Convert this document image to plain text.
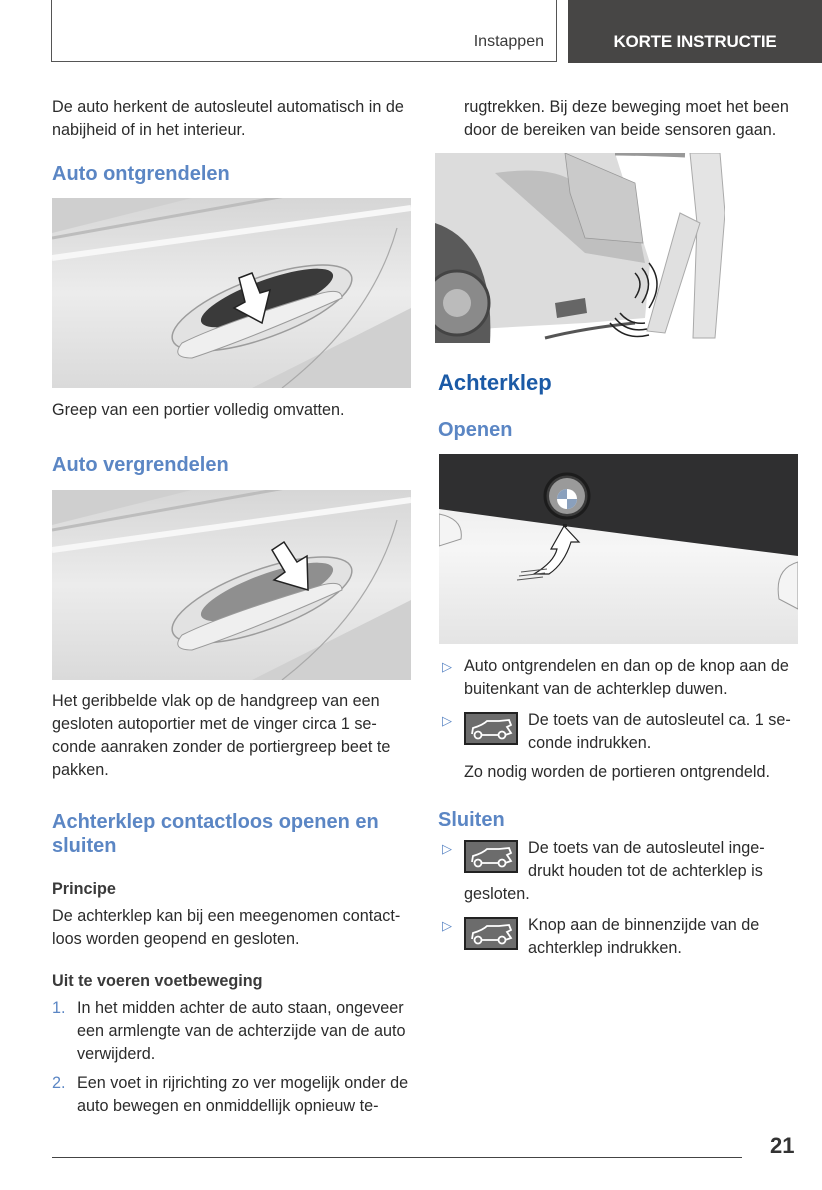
Instappen	KORTE INSTRUCTIE

De auto herkent de autosleutel automatisch in de nabijheid of in het interieur.

Auto ontgrendelen

Greep van een portier volledig omvatten.

Auto vergrendelen

Het geribbelde vlak op de handgreep van een gesloten autoportier met de vinger circa 1 se-conde aanraken zonder de portiergreep beet te pakken.

Achterklep contactloos openen en sluiten
Principe

De achterklep kan bij een meegenomen contact-loos worden geopend en gesloten.

Uit te voeren voetbeweging
1. In het midden achter de auto staan, ongeveer een armlengte van de achterzijde van de auto verwijderd.
2. Een voet in rijrichting zo ver mogelijk onder de auto bewegen en onmiddellijk opnieuw te-

rugtrekken. Bij deze beweging moet het been door de bereiken van beide sensoren gaan.

Achterklep
Openen
▷ Auto ontgrendelen en dan op de knop aan de buitenkant van de achterklep duwen.
▷	De toets van de autosleutel ca. 1 se-conde indrukken.

Zo nodig worden de portieren ontgrendeld.

Sluiten
▷	De toets van de autosleutel inge-drukt houden tot de achterklep is gesloten.
▷	Knop aan de binnenzijde van de achterklep indrukken.
21
